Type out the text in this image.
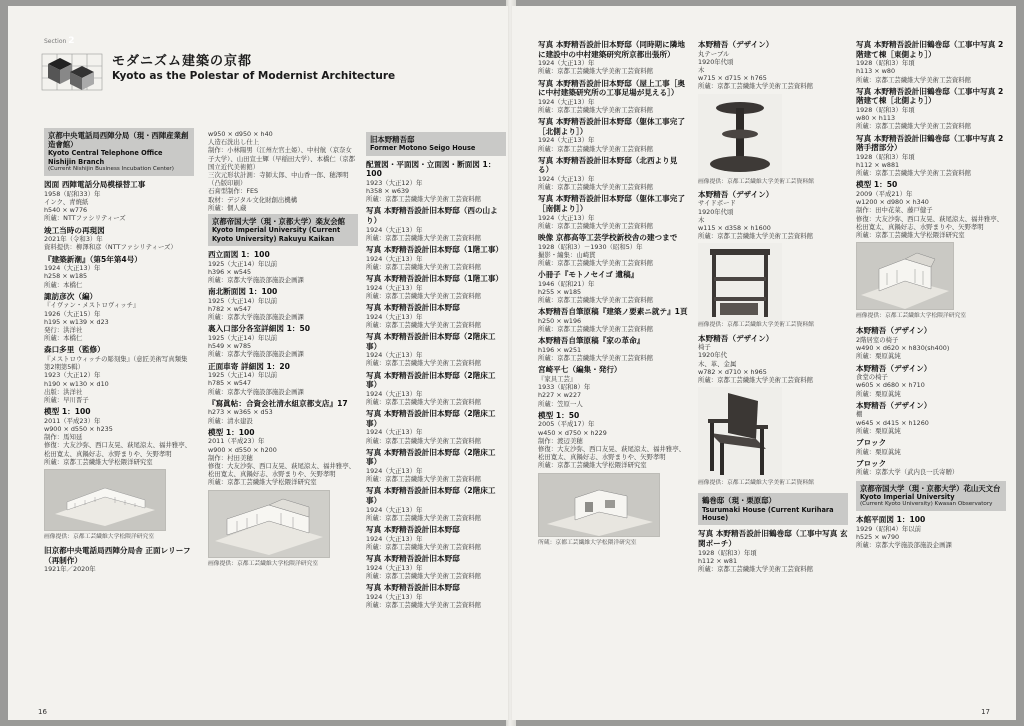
Section 2
モダニズム建築の京都
Kyoto as the Polestar of Modernist Architecture
京都中央電話局西陣分局（現・西陣産業創造會館）
Kyoto Central Telephone Office Nishijin Branch
(Current Nishijin Business Incubation Center)
図面 西陣電話分局模様替工事
1958（昭和33）年
インク、青焼紙
h540 × w776
所蔵：NTTファシリティーズ
竣工当時の再現図
2021年（令和3）年
資料提供：柳澤和彦（NTTファシリティーズ）
『建築新潮』（第5年第4号）
1924（大正13）年
h258 × w185
所蔵：本橋仁
諏訪彦次（編）
『イヴァン・メストロヴィッチ』
1926（大正15）年
h195 × w139 × d23
発行：洪洋社
所蔵：本橋仁
森口多里（監修）
『メストロウィッチの彫刻集』（意匠美術写真類集 第2期第5輯）
1923（大正12）年
h190 × w130 × d10
出版：洪洋社
所蔵：早川晋子
模型 1：100
2011（平成23）年
w900 × d550 × h235
制作：馬知延
修復：大友沙弥、西口友晃、萩尾涼太、福井雅亭、松田寛太、真鍋好志、水野まりや、矢野孝明
所蔵：京都工芸繊維大学松隈洋研究室
画像提供：京都工芸繊維大学松隈洋研究室
旧京都中央電話局西陣分局舎 正面レリーフ（再制作）
1921年／2020年
w950 × d950 × h40
人造石洗出し仕上
制作：小林陽男（江州左官土姫）、中村航（京奈女子大学）、山田宣士輝（早稲田大学）、本橋仁（京都国立近代美術館）
三次元形状計測：寺師太郎、中山香一郎、穂澤明（凸版印刷）
石膏型制作：FES
取材：デジタル文化財創出機構
所蔵：個人蔵
京都帝国大学（現・京都大学）楽友会館
Kyoto Imperial University (Current Kyoto University) Rakuyu Kaikan
西立面図 1：100
1925（大正14）年以前
h396 × w545
所蔵：京都大学施設部施設企画課
南北断面図 1：100
1925（大正14）年以前
h782 × w547
所蔵：京都大学施設部施設企画課
裏入口部分各室詳細図 1：50
1925（大正14）年以前
h549 × w785
所蔵：京都大学施設部施設企画課
正面車寄 詳細図 1：20
1925（大正14）年以前
h785 × w547
所蔵：京都大学施設部施設企画課
『寫眞帖：合資会社清水組京都支店』17
h273 × w365 × d53
所蔵：清水建設
模型 1：100
2011（平成23）年
w900 × d550 × h200
制作：村田美穂
修復：大友沙弥、西口友晃、萩尾涼太、福井雅亭、松田寛太、真鍋好志、水野まりや、矢野孝明
所蔵：京都工芸繊維大学松隈洋研究室
画像提供：京都工芸繊維大学松隈洋研究室
旧本野精吾邸
Former Motono Seigo House
配置図・平面図・立面図・断面図 1：100
1923（大正12）年
h358 × w639
所蔵：京都工芸繊維大学美術工芸資料館
写真 本野精吾設計旧本野邸（西の山より）
1924（大正13）年
所蔵：京都工芸繊維大学美術工芸資料館
写真 本野精吾設計旧本野邸（1階工事）
1924（大正13）年
所蔵：京都工芸繊維大学美術工芸資料館
写真 本野精吾設計旧本野邸（1階工事）
1924（大正13）年
所蔵：京都工芸繊維大学美術工芸資料館
写真 本野精吾設計旧本野邸
1924（大正13）年
所蔵：京都工芸繊維大学美術工芸資料館
写真 本野精吾設計旧本野邸（2階床工事）
1924（大正13）年
所蔵：京都工芸繊維大学美術工芸資料館
写真 本野精吾設計旧本野邸（2階床工事）
1924（大正13）年
所蔵：京都工芸繊維大学美術工芸資料館
写真 本野精吾設計旧本野邸（2階床工事）
1924（大正13）年
所蔵：京都工芸繊維大学美術工芸資料館
写真 本野精吾設計旧本野邸（2階床工事）
1924（大正13）年
所蔵：京都工芸繊維大学美術工芸資料館
写真 本野精吾設計旧本野邸（2階床工事）
1924（大正13）年
所蔵：京都工芸繊維大学美術工芸資料館
写真 本野精吾設計旧本野邸
1924（大正13）年
所蔵：京都工芸繊維大学美術工芸資料館
写真 本野精吾設計旧本野邸
1924（大正13）年
所蔵：京都工芸繊維大学美術工芸資料館
写真 本野精吾設計旧本野邸
1924（大正13）年
所蔵：京都工芸繊維大学美術工芸資料館
16
写真 本野精吾設計旧本野邸（同時期に隣地に建設中の中村建築研究所京都出張所）
1924（大正13）年
所蔵：京都工芸繊維大学美術工芸資料館
写真 本野精吾設計旧本野邸（屋上工事［奥に中村建築研究所の工事足場が見える］）
1924（大正13）年
所蔵：京都工芸繊維大学美術工芸資料館
写真 本野精吾設計旧本野邸（躯体工事完了［北側より］）
1924（大正13）年
所蔵：京都工芸繊維大学美術工芸資料館
写真 本野精吾設計旧本野邸（北西より見る）
1924（大正13）年
所蔵：京都工芸繊維大学美術工芸資料館
写真 本野精吾設計旧本野邸（躯体工事完了［南側より］）
1924（大正13）年
所蔵：京都工芸繊維大学美術工芸資料館
映像 京都高等工芸学校新校舎の建つまで
1928（昭和3）－1930（昭和5）年
撮影・編集：山崎貫
所蔵：京都工芸繊維大学美術工芸資料館
小冊子『モトノセイゴ 遺稿』
1946（昭和21）年
h255 × w185
所蔵：京都工芸繊維大学美術工芸資料館
本野精吾自筆原稿『建築ノ要素ニ就テ』1頁
h250 × w196
所蔵：京都工芸繊維大学美術工芸資料館
本野精吾自筆原稿『家の革命』
h196 × w251
所蔵：京都工芸繊維大学美術工芸資料館
宮崎平七（編集・発行）
『家具工芸』
1933（昭和8）年
h227 × w227
所蔵：笠原一人
模型 1：50
2005（平成17）年
w450 × d750 × h229
制作：渡辺美穂
修復：大友沙弥、西口友晃、萩尾涼太、福井雅亭、松田寛太、真鍋好志、水野まりや、矢野孝明
所蔵：京都工芸繊維大学松隈洋研究室
所蔵：京都工芸繊維大学松隈洋研究室
本野精吾（デザイン）
丸テーブル
1920年代頃
木
w715 × d715 × h765
所蔵：京都工芸繊維大学美術工芸資料館
画像提供：京都工芸繊維大学美術工芸資料館
本野精吾（デザイン）
サイドボード
1920年代頃
木
w115 × d358 × h1600
所蔵：京都工芸繊維大学美術工芸資料館
画像提供：京都工芸繊維大学美術工芸資料館
本野精吾（デザイン）
椅子
1920年代
木、革、金属
w782 × d710 × h965
所蔵：京都工芸繊維大学美術工芸資料館
画像提供：京都工芸繊維大学美術工芸資料館
鶴巻邸（現・栗原邸）
Tsurumaki House (Current Kurihara House)
写真 本野精吾設計旧鶴巻邸（工事中写真 玄関ポーチ）
1928（昭和3）年頃
h112 × w81
所蔵：京都工芸繊維大学美術工芸資料館
写真 本野精吾設計旧鶴巻邸（工事中写真 2階建て棟［東側より］）
1928（昭和3）年頃
h113 × w80
所蔵：京都工芸繊維大学美術工芸資料館
写真 本野精吾設計旧鶴巻邸（工事中写真 2階建て棟［北側より］）
1928（昭和3）年頃
w80 × h113
所蔵：京都工芸繊維大学美術工芸資料館
写真 本野精吾設計旧鶴巻邸（工事中写真 2階手摺部分）
1928（昭和3）年頃
h112 × w881
所蔵：京都工芸繊維大学美術工芸資料館
模型 1：50
2009（平成21）年
w1200 × d980 × h340
制作：田中花菜、藤戸健子
修復：大友沙弥、西口友晃、萩尾涼太、福井雅亭、松田寛太、真鍋好志、水野まりや、矢野孝明
所蔵：京都工芸繊維大学松隈洋研究室
画像提供：京都工芸繊維大学松隈洋研究室
本野精吾（デザイン）
2階居室の椅子
w490 × d620 × h830(sh400)
所蔵：栗原眞純
本野精吾（デザイン）
食堂の椅子
w605 × d680 × h710
所蔵：栗原眞純
本野精吾（デザイン）
棚
w645 × d415 × h1260
所蔵：栗原眞純
ブロック
所蔵：栗原眞純
ブロック
所蔵：京都大学（武内良一氏寄贈）
京都帝国大学（現・京都大学）花山天文台
Kyoto Imperial University
(Current Kyoto University) Kwasan Observatory
本館平面図 1：100
1929（昭和4）年以前
h525 × w790
所蔵：京都大学施設部施設企画課
17
